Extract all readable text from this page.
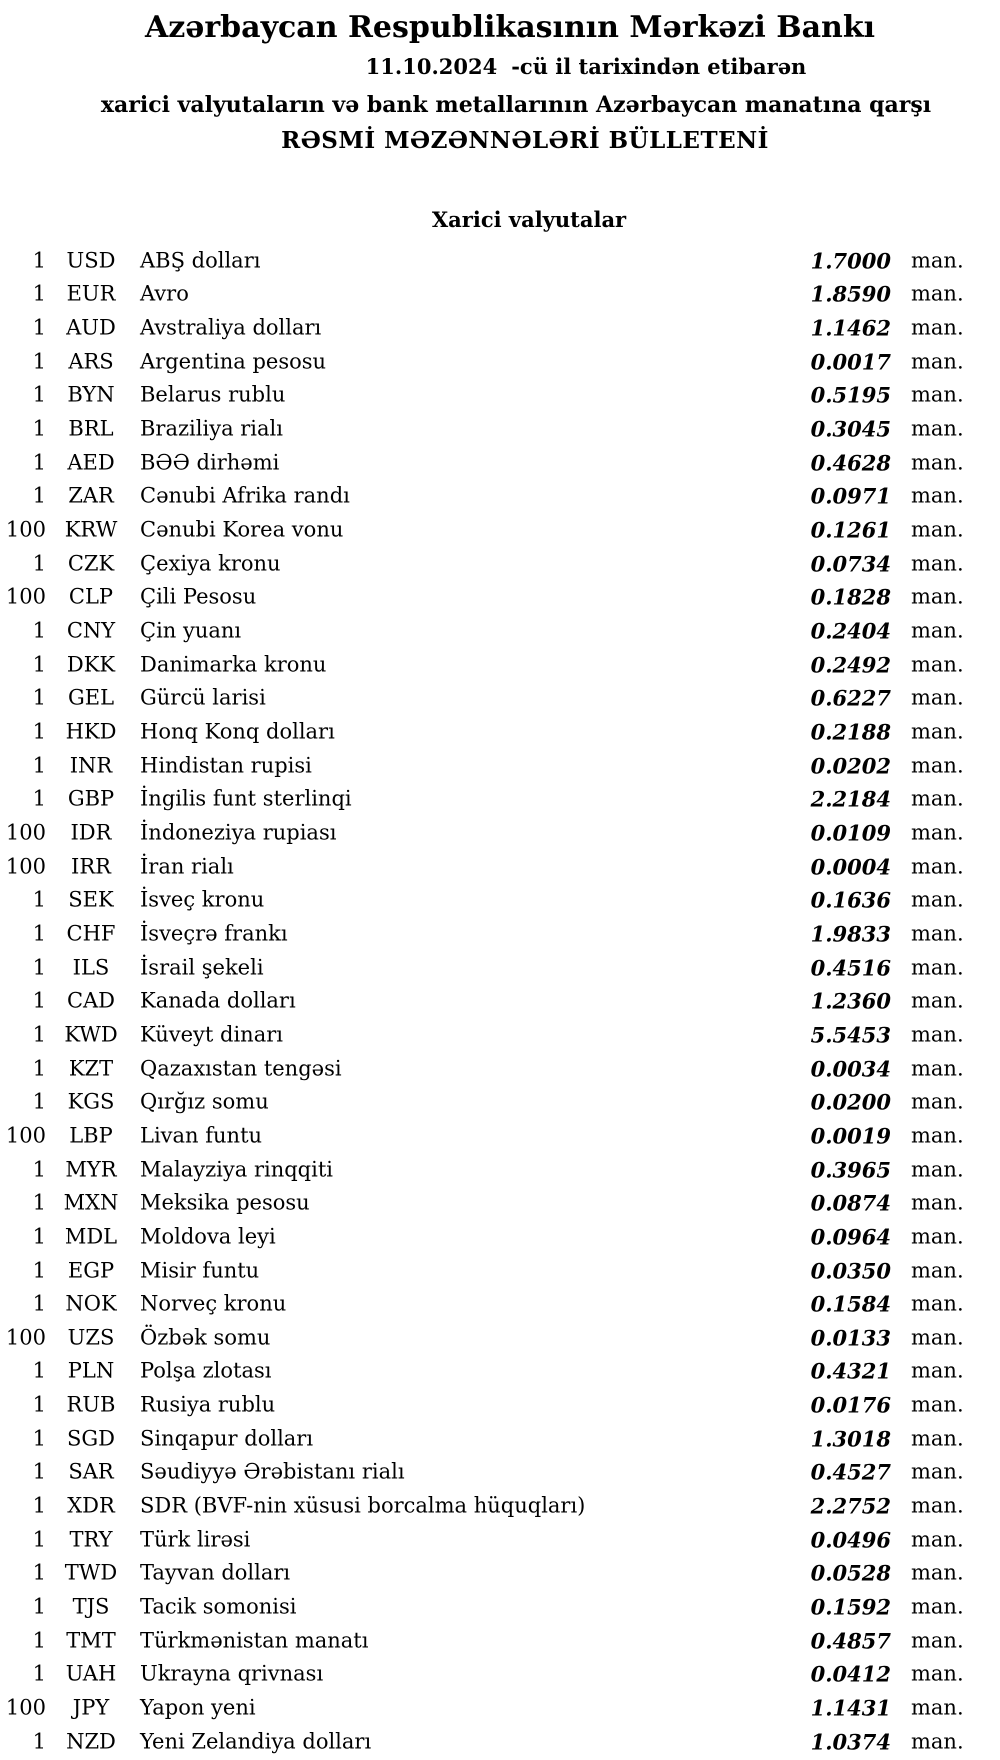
Azərbaycan Respublikasının Mərkəzi Bankı
11.10.2024 -cü il tarixindən etibarən
xarici valyutaların və bank metallarının Azərbaycan manatına qarşı
RƏSMİ MƏZƏNNƏLƏRİ BÜLLETENİ
Xarici valyutalar
1 USD	ABŞ dolları	1.7000 man.
1 EUR	Avro	1.8590 man.
1 AUD	Avstraliya dolları	1.1462 man.
1	ARS	Argentina pesosu	0.0017 man.
1	BYN	Belarus rublu	0.5195 man.
1	BRL	Braziliya rialı	0.3045 man.
1	AED	BƏƏ dirhəmi	0.4628 man.
1	ZAR	Cənubi Afrika randı	0.0971 man.
100 KRW	Cənubi Korea vonu	0.1261 man.
1	CZK	Çexiya kronu	0.0734 man.
100	CLP	Çili Pesosu	0.1828 man.
1 CNY	Çin yuanı	0.2404 man.
1 DKK	Danimarka kronu	0.2492 man.
1	GEL	Gürcü larisi	0.6227 man.
1 HKD	Honq Konq dolları	0.2188 man.
1	INR	Hindistan rupisi	0.0202 man.
1	GBP	İngilis funt sterlinqi	2.2184 man.
100	IDR	İndoneziya rupiası	0.0109 man.
100	IRR	İran rialı	0.0004 man.
1	SEK	İsveç kronu	0.1636 man.
1 CHF	İsveçrə frankı	1.9833 man.
1	ILS	İsrail şekeli	0.4516 man.
1 CAD	Kanada dolları	1.2360 man.
1 KWD	Küveyt dinarı	5.5453 man.
1	KZT	Qazaxıstan tengəsi	0.0034 man.
1	KGS	Qırğız somu	0.0200 man.
100	LBP	Livan funtu	0.0019 man.
1 MYR	Malayziya rinqqiti	0.3965 man.
1 MXN	Meksika pesosu	0.0874 man.
1 MDL	Moldova leyi	0.0964 man.
1	EGP	Misir funtu	0.0350 man.
1 NOK	Norveç kronu	0.1584 man.
100	UZS	Özbək somu	0.0133 man.
1	PLN	Polşa zlotası	0.4321 man.
1 RUB	Rusiya rublu	0.0176 man.
1	SGD	Sinqapur dolları	1.3018 man.
1	SAR	Səudiyyə Ərəbistanı rialı	0.4527 man.
1	XDR	SDR (BVF-nin xüsusi borcalma hüquqları)	2.2752 man.
1	TRY	Türk lirəsi	0.0496 man.
1 TWD	Tayvan dolları	0.0528 man.
1	TJS	Tacik somonisi	0.1592 man.
1 TMT	Türkmənistan manatı	0.4857 man.
1 UAH	Ukrayna qrivnası	0.0412 man.
100	JPY	Yapon yeni	1.1431 man.
1 NZD	Yeni Zelandiya dolları	1.0374 man.
